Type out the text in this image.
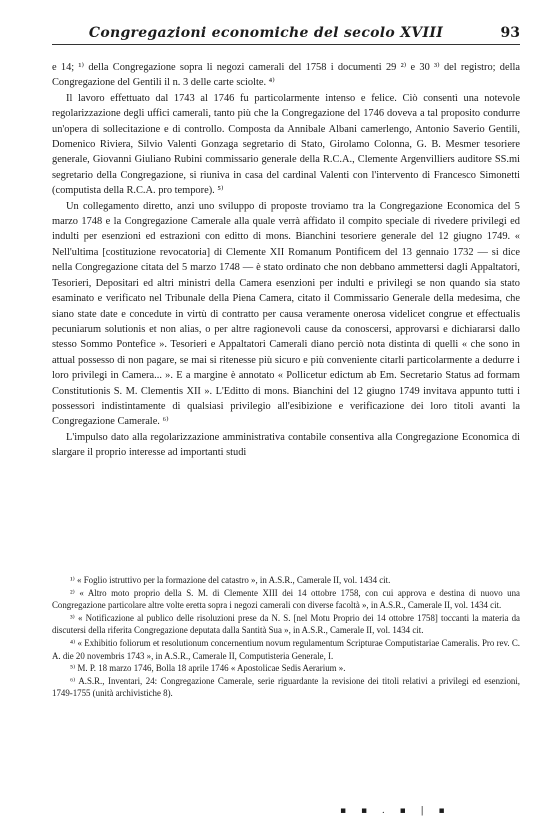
Congregazioni economiche del secolo XVIII	93

e 14; ¹⁾ della Congregazione sopra li negozi camerali del 1758 i documenti 29 ²⁾ e 30 ³⁾ del registro; della Congregazione del Gentili il n. 3 delle carte sciolte. ⁴⁾

Il lavoro effettuato dal 1743 al 1746 fu particolarmente intenso e felice. Ciò consentì una notevole regolarizzazione degli uffici camerali, tanto più che la Congregazione del 1746 doveva a tal proposito condurre un'opera di sollecitazione e di controllo. Composta da Annibale Albani camerlengo, Antonio Saverio Gentili, Domenico Riviera, Silvio Valenti Gonzaga segretario di Stato, Girolamo Colonna, G. B. Mesmer tesoriere generale, Giovanni Giuliano Rubini commissario generale della R.C.A., Clemente Argenvilliers auditore SS.mi segretario della Congregazione, si riuniva in casa del cardinal Valenti con l'intervento di Francesco Simonetti (computista della R.C.A. pro tempore). ⁵⁾

Un collegamento diretto, anzi uno sviluppo di proposte troviamo tra la Congregazione Economica del 5 marzo 1748 e la Congregazione Camerale alla quale verrà affidato il compito speciale di rivedere privilegi ed indulti per esenzioni ed estrazioni con editto di mons. Bianchini tesoriere generale del 12 giugno 1749. « Nell'ultima [costituzione revocatoria] di Clemente XII Romanum Pontificem del 13 gennaio 1732 — si dice nella Congregazione citata del 5 marzo 1748 — è stato ordinato che non debbano ammettersi dagli Appaltatori, Tesorieri, Depositari ed altri ministri della Camera esenzioni per indulti e privilegi se non quando sia stato esaminato e verificato nel Tribunale della Piena Camera, citato il Commissario Generale della medesima, che siano state date e concedute in virtù di contratto per causa veramente onerosa videlicet congrue et effectualis pecuniarum solutionis et non alias, o per altre ragionevoli cause da conoscersi, approvarsi e dichiararsi dallo stesso Sommo Pontefice ». Tesorieri e Appaltatori Camerali diano perciò nota distinta di quelli « che sono in attual possesso di non pagare, se mai si ritenesse più sicuro e più conveniente citarli particolarmente a dedurre i loro privilegi in Camera... ». E a margine è annotato « Pollicetur edictum ab Em. Secretario Status ad formam Constitutionis S. M. Clementis XII ». L'Editto di mons. Bianchini del 12 giugno 1749 invitava appunto tutti i possessori indistintamente di qualsiasi privilegio all'esibizione e verificazione dei loro titoli avanti la Congregazione Camerale. ⁶⁾

L'impulso dato alla regolarizzazione amministrativa contabile consentiva alla Congregazione Economica di slargare il proprio interesse ad importanti studi

¹⁾ « Foglio istruttivo per la formazione del catastro », in A.S.R., Camerale II, vol. 1434 cit.

²⁾ « Altro moto proprio della S. M. di Clemente XIII dei 14 ottobre 1758, con cui approva e destina di nuovo una Congregazione particolare altre volte eretta sopra i negozi camerali con diverse facoltà », in A.S.R., Camerale II, vol. 1434 cit.

³⁾ « Notificazione al publico delle risoluzioni prese da N. S. [nel Motu Proprio dei 14 ottobre 1758] toccanti la materia da discutersi della riferita Congregazione deputata dalla Santità Sua », in A.S.R., Camerale II, vol. 1434 cit.

⁴⁾ « Exhibitio foliorum et resolutionum concernentium novum regulamentum Scripturae Computistariae Cameralis. Pro rev. C. A. die 20 novembris 1743 », in A.S.R., Camerale II, Computisteria Generale, I.

⁵⁾ M. P. 18 marzo 1746, Bolla 18 aprile 1746 « Apostolicae Sedis Aerarium ».

⁶⁾ A.S.R., Inventari, 24: Congregazione Camerale, serie riguardante la revisione dei titoli relativi a privilegi ed esenzioni, 1749-1755 (unità archivistiche 8).

▪ ▪ . ▪ | ▪
